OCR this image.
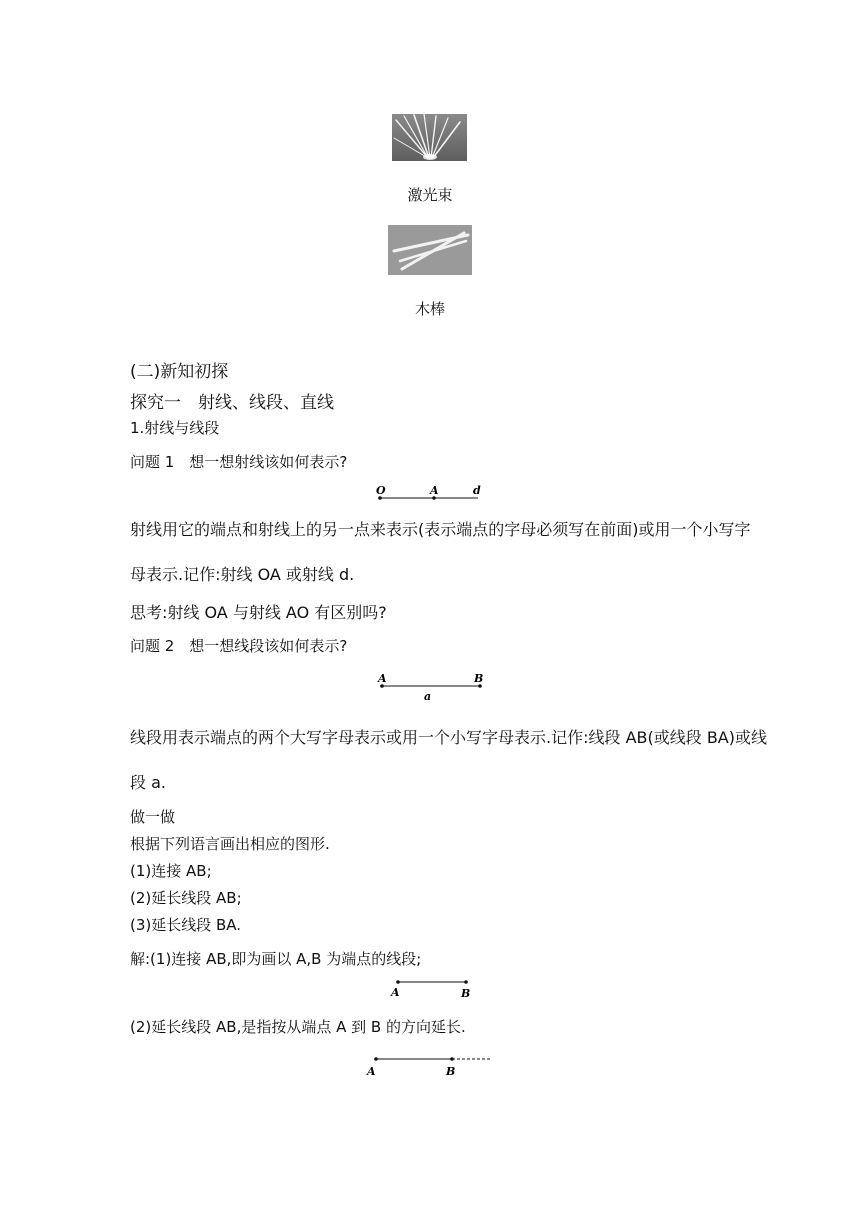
激光束
木棒
(二)新知初探
探究一　射线、线段、直线
1.射线与线段
问题 1　想一想射线该如何表示?
O	A	d
射线用它的端点和射线上的另一点来表示(表示端点的字母必须写在前面)或用一个小写字
母表示.记作:射线 OA 或射线 d.
思考:射线 OA 与射线 AO 有区别吗?
问题 2　想一想线段该如何表示?
A	B
a
线段用表示端点的两个大写字母表示或用一个小写字母表示.记作:线段 AB(或线段 BA)或线
段 a.
做一做
根据下列语言画出相应的图形.
(1)连接 AB;
(2)延长线段 AB;
(3)延长线段 BA.
解:(1)连接 AB,即为画以 A,B 为端点的线段;
A	B
(2)延长线段 AB,是指按从端点 A 到 B 的方向延长.
A	B
